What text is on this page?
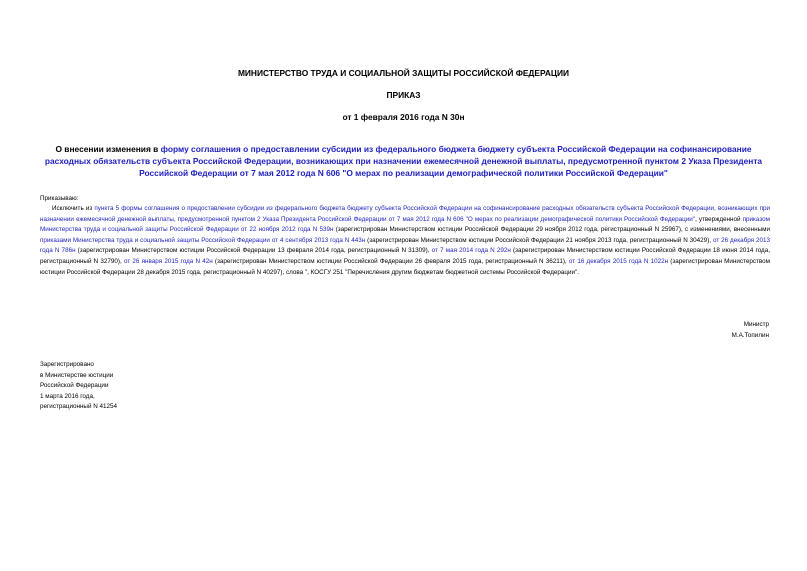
МИНИСТЕРСТВО ТРУДА И СОЦИАЛЬНОЙ ЗАЩИТЫ РОССИЙСКОЙ ФЕДЕРАЦИИ
ПРИКАЗ
от 1 февраля 2016 года N 30н
О внесении изменения в форму соглашения о предоставлении субсидии из федерального бюджета бюджету субъекта Российской Федерации на софинансирование расходных обязательств субъекта Российской Федерации, возникающих при назначении ежемесячной денежной выплаты, предусмотренной пунктом 2 Указа Президента Российской Федерации от 7 мая 2012 года N 606 "О мерах по реализации демографической политики Российской Федерации"
Приказываю:
Исключить из пункта 5 формы соглашения о предоставлении субсидии из федерального бюджета бюджету субъекта Российской Федерации на софинансирование расходных обязательств субъекта Российской Федерации, возникающих при назначении ежемесячной денежной выплаты, предусмотренной пунктом 2 Указа Президента Российской Федерации от 7 мая 2012 года N 606 "О мерах по реализации демографической политики Российской Федерации", утвержденной приказом Министерства труда и социальной защиты Российской Федерации от 22 ноября 2012 года N 539н (зарегистрирован Министерством юстиции Российской Федерации 29 ноября 2012 года, регистрационный N 25967), с изменениями, внесенными приказами Министерства труда и социальной защиты Российской Федерации от 4 сентября 2013 года N 443н (зарегистрирован Министерством юстиции Российской Федерации 21 ноября 2013 года, регистрационный N 30429), от 26 декабря 2013 года N 786н (зарегистрирован Министерством юстиции Российской Федерации 13 февраля 2014 года, регистрационный N 31309), от 7 мая 2014 года N 292н (зарегистрирован Министерством юстиции Российской Федерации 18 июня 2014 года, регистрационный N 32790), от 26 января 2015 года N 42н (зарегистрирован Министерством юстиции Российской Федерации 26 февраля 2015 года, регистрационный N 36211), от 16 декабря 2015 года N 1022н (зарегистрирован Министерством юстиции Российской Федерации 28 декабря 2015 года, регистрационный N 40297), слова ", КОСГУ 251 "Перечисления другим бюджетам бюджетной системы Российской Федерации".
Министр
М.А.Топилин
Зарегистрировано
в Министерстве юстиции
Российской Федерации
1 марта 2016 года,
регистрационный N 41254
